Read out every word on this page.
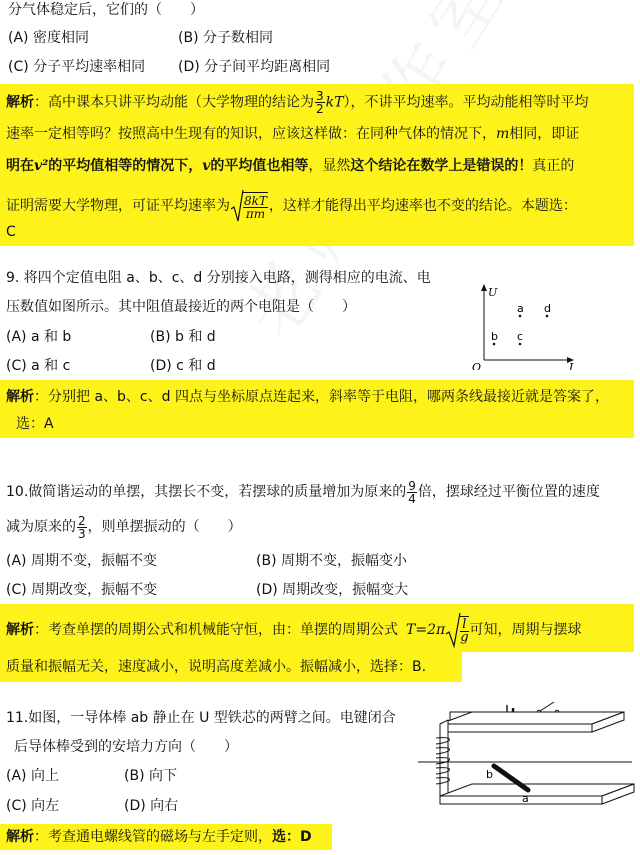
分气体稳定后，它们的（　　）
(A) 密度相同	(B) 分子数相同
(C) 分子平均速率相同 (D) 分子间平均距离相同
解析：高中课本只讲平均动能（大学物理的结论为 $\frac{3}{2} kT$），不讲平均速率。平均动能相等时平均
速率一定相等吗？按照高中生现有的知识，应该这样做：在同种气体的情况下，m相同，即证
明在v²的平均值相等的情况下，v的平均值也相等，显然这个结论在数学上是错误的！真正的
证明需要大学物理，可证平均速率为 $\frac{8kT}{\pi m}$ ，这样才能得出平均速率也不变的结论。本题选：
C
9. 将四个定值电阻 a、b、c、d 分别接入电路，测得相应的电流、电
压数值如图所示。其中阻值最接近的两个电阻是（　　）
(A) a 和 b	(B) b 和 d
(C) a 和 c	(D) c 和 d
U
I
O
a d
b c
解析：分别把 a、b、c、d 四点与坐标原点连起来，斜率等于电阻，哪两条线最接近就是答案了，
选：A
10.做简谐运动的单摆，其摆长不变，若摆球的质量增加为原来的 $\frac{9}{4}$ 倍，摆球经过平衡位置的速度
减为原来的 $\frac{2}{3}$ ，则单摆振动的（　　）
(A) 周期不变，振幅不变	(B) 周期不变，振幅变小
(C) 周期改变，振幅不变	(D) 周期改变，振幅变大
解析：考查单摆的周期公式和机械能守恒，由：单摆的周期公式 $T=2\pi \frac{l}{g}$ 可知，周期与摆球
质量和振幅无关，速度减小，说明高度差减小。振幅减小，选择：B.
11.如图，一导体棒 ab 静止在 U 型铁芯的两臂之间。电键闭合
后导体棒受到的安培力方向（　　）
(A) 向上	(B) 向下
(C) 向左	(D) 向右
b
a
解析：考查通电螺线管的磁场与左手定则，选：D
